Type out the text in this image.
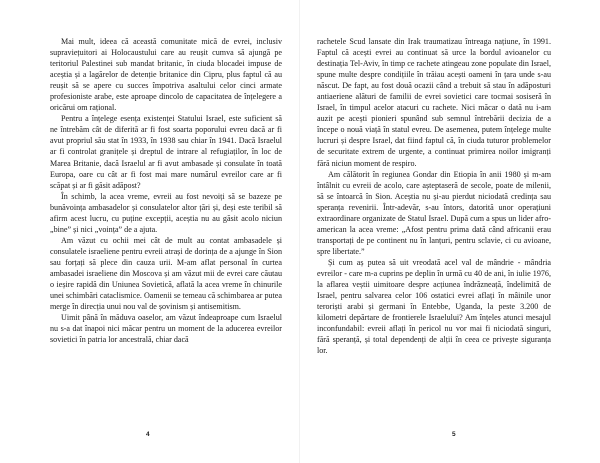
Mai mult, ideea că această comunitate mică de evrei, inclusiv supraviețuitori ai Holocaustului care au reușit cumva să ajungă pe teritoriul Palestinei sub mandat britanic, în ciuda blocadei impuse de aceștia și a lagărelor de detenție britanice din Cipru, plus faptul că au reușit să se apere cu succes împotriva asaltului celor cinci armate profesioniste arabe, este aproape dincolo de capacitatea de înțelegere a oricărui om rațional.

Pentru a înțelege esența existenței Statului Israel, este suficient să ne întrebăm cât de diferită ar fi fost soarta poporului evreu dacă ar fi avut propriul său stat în 1933, în 1938 sau chiar în 1941. Dacă Israelul ar fi controlat granițele și dreptul de intrare al refugiaților, în loc de Marea Britanie, dacă Israelul ar fi avut ambasade și consulate în toată Europa, oare cu cât ar fi fost mai mare numărul evreilor care ar fi scăpat și ar fi găsit adăpost?

În schimb, la acea vreme, evreii au fost nevoiți să se bazeze pe bunăvoința ambasadelor și consulatelor altor țări și, deși este teribil să afirm acest lucru, cu puține excepții, aceștia nu au găsit acolo niciun „bine” și nici „voința” de a ajuta.

Am văzut cu ochii mei cât de mult au contat ambasadele și consulatele israeliene pentru evreii atrași de dorința de a ajunge în Sion sau forțați să plece din cauza urii. M-am aflat personal în curtea ambasadei israeliene din Moscova și am văzut mii de evrei care căutau o ieșire rapidă din Uniunea Sovietică, aflată la acea vreme în chinurile unei schimbări cataclismice. Oamenii se temeau că schimbarea ar putea merge în direcția unui nou val de șovinism și antisemitism.

Uimit până în măduva oaselor, am văzut îndeaproape cum Israelul nu s-a dat înapoi nici măcar pentru un moment de la aducerea evreilor sovietici în patria lor ancestrală, chiar dacă

4

rachetele Scud lansate din Irak traumatizau întreaga națiune, în 1991. Faptul că acești evrei au continuat să urce la bordul avioanelor cu destinația Tel-Aviv, în timp ce rachete atingeau zone populate din Israel, spune multe despre condițiile în trăiau acești oameni în țara unde s-au născut. De fapt, au fost două ocazii când a trebuit să stau în adăposturi antiaeriene alături de familii de evrei sovietici care tocmai sosiseră în Israel, în timpul acelor atacuri cu rachete. Nici măcar o dată nu i-am auzit pe acești pionieri spunând sub semnul întrebării decizia de a începe o nouă viață în statul evreu. De asemenea, putem înțelege multe lucruri și despre Israel, dat fiind faptul că, în ciuda tuturor problemelor de securitate extrem de urgente, a continuat primirea noilor imigranți fără niciun moment de respiro.

Am călătorit în regiunea Gondar din Etiopia în anii 1980 și m-am întâlnit cu evreii de acolo, care așteptaseră de secole, poate de milenii, să se întoarcă în Sion. Aceștia nu și-au pierdut niciodată credința sau speranța revenirii. Într-adevăr, s-au întors, datorită unor operațiuni extraordinare organizate de Statul Israel. După cum a spus un lider afro-american la acea vreme: „Afost pentru prima dată când africanii erau transportați de pe continent nu în lanțuri, pentru sclavie, ci cu avioane, spre libertate.”

Și cum aș putea să uit vreodată acel val de mândrie - mândria evreilor - care m-a cuprins pe deplin în urmă cu 40 de ani, în iulie 1976, la aflarea veștii uimitoare despre acțiunea îndrăzneață, îndelimită de Israel, pentru salvarea celor 106 ostatici evrei aflați în mâinile unor teroriști arabi și germani în Entebbe, Uganda, la peste 3.200 de kilometri depărtare de frontierele Israelului? Am înțeles atunci mesajul inconfundabil: evreii aflați în pericol nu vor mai fi niciodată singuri, fără speranță, și total dependenți de alții în ceea ce privește siguranța lor.

5
